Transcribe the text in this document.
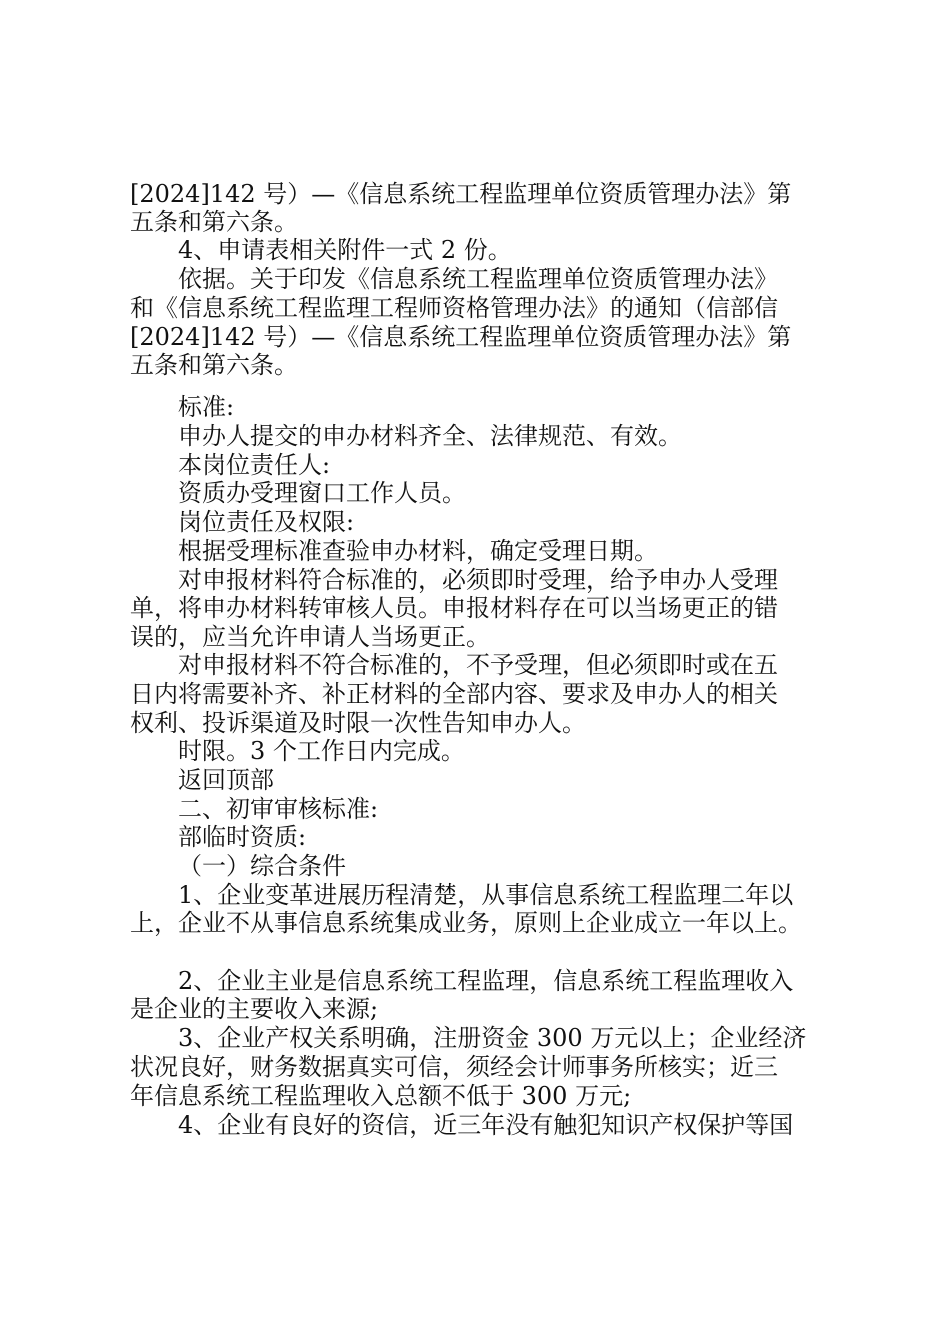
[2024]142 号）—《信息系统工程监理单位资质管理办法》第
五条和第六条。
4、申请表相关附件一式 2 份。
依据。关于印发《信息系统工程监理单位资质管理办法》
和《信息系统工程监理工程师资格管理办法》的通知（信部信
[2024]142 号）—《信息系统工程监理单位资质管理办法》第
五条和第六条。
标准:
申办人提交的申办材料齐全、法律规范、有效。
本岗位责任人:
资质办受理窗口工作人员。
岗位责任及权限:
根据受理标准查验申办材料，确定受理日期。
对申报材料符合标准的，必须即时受理，给予申办人受理
单，将申办材料转审核人员。申报材料存在可以当场更正的错
误的，应当允许申请人当场更正。
对申报材料不符合标准的，不予受理，但必须即时或在五
日内将需要补齐、补正材料的全部内容、要求及申办人的相关
权利、投诉渠道及时限一次性告知申办人。
时限。3 个工作日内完成。
返回顶部
二、初审审核标准:
部临时资质:
（一）综合条件
1、企业变革进展历程清楚，从事信息系统工程监理二年以
上，企业不从事信息系统集成业务，原则上企业成立一年以上。
2、企业主业是信息系统工程监理，信息系统工程监理收入
是企业的主要收入来源;
3、企业产权关系明确，注册资金 300 万元以上；企业经济
状况良好，财务数据真实可信，须经会计师事务所核实；近三
年信息系统工程监理收入总额不低于 300 万元;
4、企业有良好的资信，近三年没有触犯知识产权保护等国
